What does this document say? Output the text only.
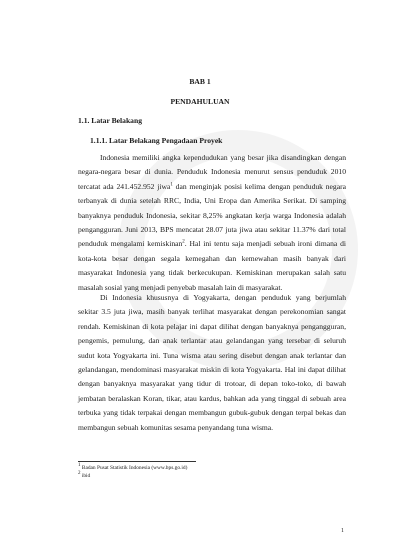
BAB 1
PENDAHULUAN
1.1. Latar Belakang
1.1.1. Latar Belakang Pengadaan Proyek

Indonesia memiliki angka kependudukan yang besar jika disandingkan dengan negara-negara besar di dunia. Penduduk Indonesia menurut sensus penduduk 2010 tercatat ada 241.452.952 jiwa$^1$ dan menginjak posisi kelima dengan penduduk negara terbanyak di dunia setelah RRC, India, Uni Eropa dan Amerika Serikat. Di samping banyaknya penduduk Indonesia, sekitar 8,25% angkatan kerja warga Indonesia adalah pengangguran. Juni 2013, BPS mencatat 28.07 juta jiwa atau sekitar 11.37% dari total penduduk mengalami kemiskinan$^2$. Hal ini tentu saja menjadi sebuah ironi dimana di kota-kota besar dengan segala kemegahan dan kemewahan masih banyak dari masyarakat Indonesia yang tidak berkecukupan. Kemiskinan merupakan salah satu masalah sosial yang menjadi penyebab masalah lain di masyarakat.

Di Indonesia khususnya di Yogyakarta, dengan penduduk yang berjumlah sekitar 3.5 juta jiwa, masih banyak terlihat masyarakat dengan perekonomian sangat rendah. Kemiskinan di kota pelajar ini dapat dilihat dengan banyaknya pengangguran, pengemis, pemulung, dan anak terlantar atau gelandangan yang tersebar di seluruh sudut kota Yogyakarta ini. Tuna wisma atau sering disebut dengan anak terlantar dan gelandangan, mendominasi masyarakat miskin di kota Yogyakarta. Hal ini dapat dilihat dengan banyaknya masyarakat yang tidur di trotoar, di depan toko-toko, di bawah jembatan beralaskan Koran, tikar, atau kardus, bahkan ada yang tinggal di sebuah area terbuka yang tidak terpakai dengan membangun gubuk-gubuk dengan terpal bekas dan membangun sebuah komunitas sesama penyandang tuna wisma.

$^1$ Badan Pusat Statistik Indonesia (www.bps.go.id)
$^2$ ibid
1
